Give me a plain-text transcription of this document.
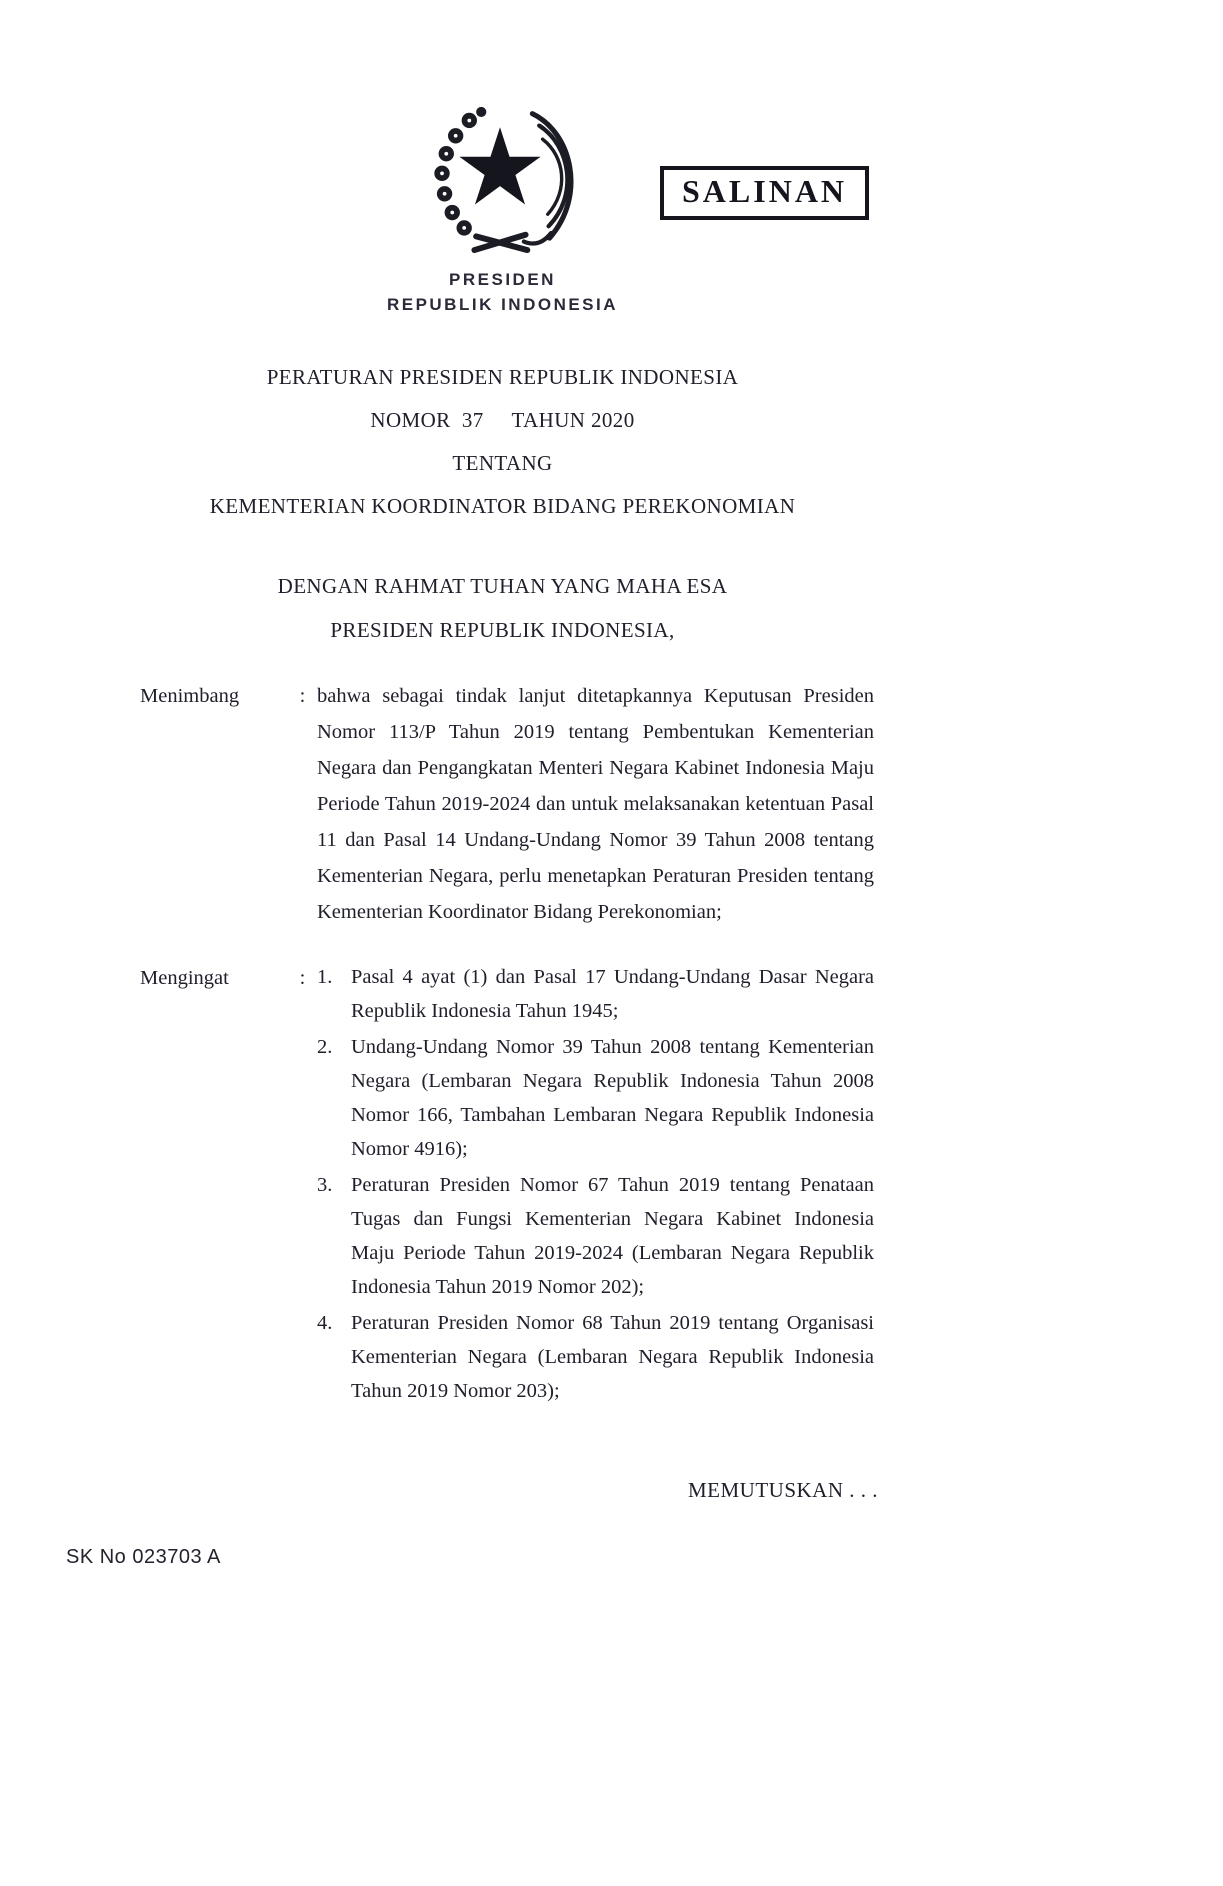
SALINAN
PRESIDEN
REPUBLIK INDONESIA
PERATURAN PRESIDEN REPUBLIK INDONESIA
NOMOR  37     TAHUN 2020
TENTANG
KEMENTERIAN KOORDINATOR BIDANG PEREKONOMIAN
DENGAN RAHMAT TUHAN YANG MAHA ESA
PRESIDEN REPUBLIK INDONESIA,
Menimbang	: bahwa sebagai tindak lanjut ditetapkannya Keputusan Presiden Nomor 113/P Tahun 2019 tentang Pembentukan Kementerian Negara dan Pengangkatan Menteri Negara Kabinet Indonesia Maju Periode Tahun 2019-2024 dan untuk melaksanakan ketentuan Pasal 11 dan Pasal 14 Undang-Undang Nomor 39 Tahun 2008 tentang Kementerian Negara, perlu menetapkan Peraturan Presiden tentang Kementerian Koordinator Bidang Perekonomian;
Mengingat	: 1. Pasal 4 ayat (1) dan Pasal 17 Undang-Undang Dasar Negara Republik Indonesia Tahun 1945;
2. Undang-Undang Nomor 39 Tahun 2008 tentang Kementerian Negara (Lembaran Negara Republik Indonesia Tahun 2008 Nomor 166, Tambahan Lembaran Negara Republik Indonesia Nomor 4916);
3. Peraturan Presiden Nomor 67 Tahun 2019 tentang Penataan Tugas dan Fungsi Kementerian Negara Kabinet Indonesia Maju Periode Tahun 2019-2024 (Lembaran Negara Republik Indonesia Tahun 2019 Nomor 202);
4. Peraturan Presiden Nomor 68 Tahun 2019 tentang Organisasi Kementerian Negara (Lembaran Negara Republik Indonesia Tahun 2019 Nomor 203);
MEMUTUSKAN . . .
SK No 023703 A
